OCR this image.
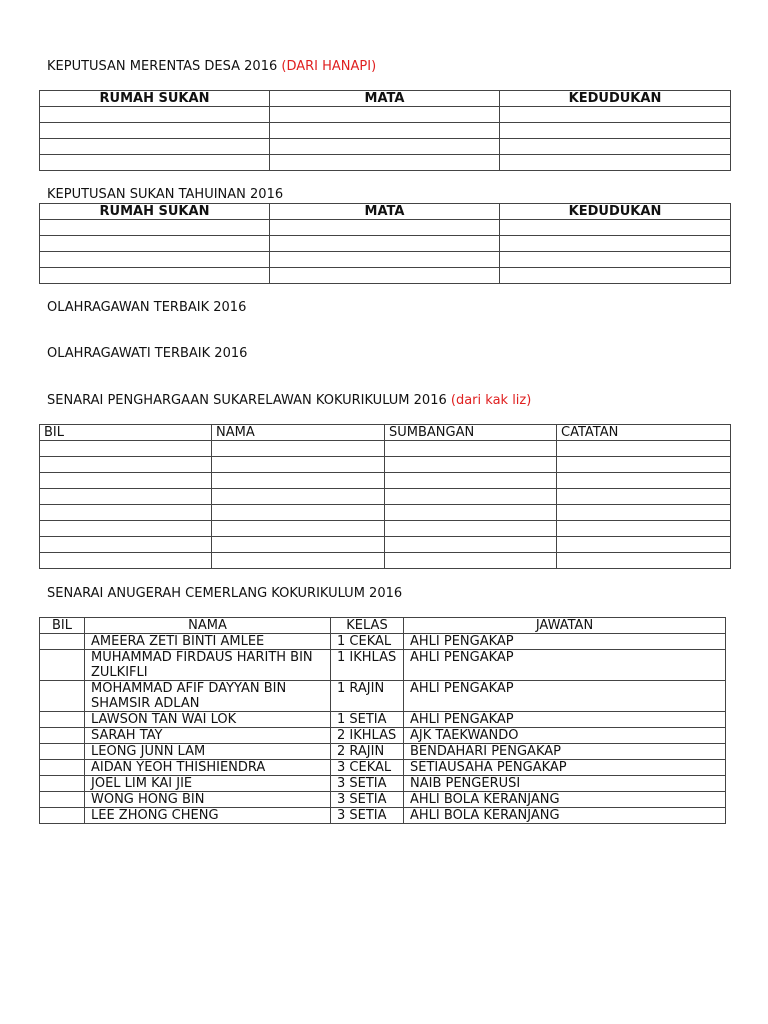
KEPUTUSAN MERENTAS DESA 2016 (DARI HANAPI)
RUMAH SUKAN	MATA	KEDUDUKAN

KEPUTUSAN SUKAN TAHUINAN 2016
RUMAH SUKAN	MATA	KEDUDUKAN

OLAHRAGAWAN TERBAIK 2016
OLAHRAGAWATI TERBAIK 2016
SENARAI PENGHARGAAN SUKARELAWAN KOKURIKULUM 2016 (dari kak liz)
BIL	NAMA	SUMBANGAN	CATATAN

SENARAI ANUGERAH CEMERLANG KOKURIKULUM 2016
BIL	NAMA	KELAS	JAWATAN
	AMEERA ZETI BINTI AMLEE	1 CEKAL	AHLI PENGAKAP
	MUHAMMAD FIRDAUS HARITH BIN ZULKIFLI	1 IKHLAS	AHLI PENGAKAP
	MOHAMMAD AFIF DAYYAN BIN SHAMSIR ADLAN	1 RAJIN	AHLI PENGAKAP
	LAWSON TAN WAI LOK	1 SETIA	AHLI PENGAKAP
	SARAH TAY	2 IKHLAS	AJK TAEKWANDO
	LEONG JUNN LAM	2 RAJIN	BENDAHARI PENGAKAP
	AIDAN YEOH THISHIENDRA	3 CEKAL	SETIAUSAHA PENGAKAP
	JOEL LIM KAI JIE	3 SETIA	NAIB PENGERUSI
	WONG HONG BIN	3 SETIA	AHLI BOLA KERANJANG
	LEE ZHONG CHENG	3 SETIA	AHLI BOLA KERANJANG
